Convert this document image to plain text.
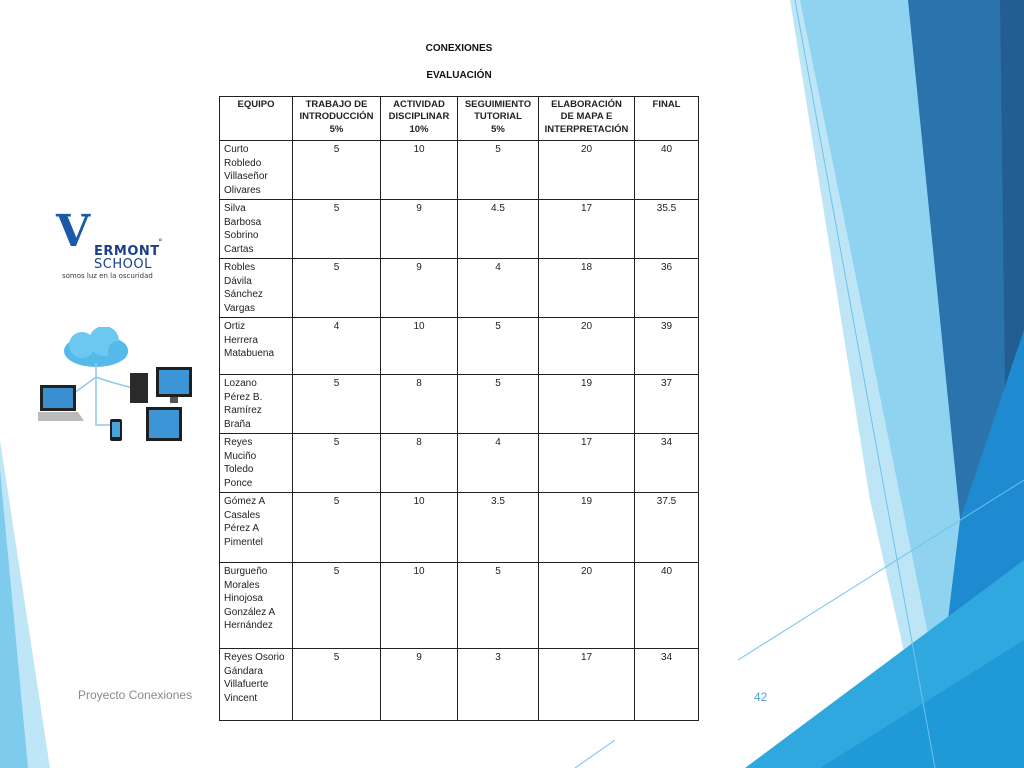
V ERMONT
°
SCHOOL
somos luz en la oscuridad
CONEXIONES
EVALUACIÓN
EQUIPO	TRABAJO DE
INTRODUCCIÓN
5%	ACTIVIDAD
DISCIPLINAR
10%	SEGUIMIENTO
TUTORIAL
5%	ELABORACIÓN
DE MAPA E
INTERPRETACIÓN	FINAL
Curto
Robledo
Villaseñor
Olivares	5	10	5	20	40
Silva
Barbosa
Sobrino
Cartas	5	9	4.5	17	35.5
Robles
Dávila
Sánchez
Vargas	5	9	4	18	36
Ortiz
Herrera
Matabuena	4	10	5	20	39
Lozano
Pérez B.
Ramírez
Braña	5	8	5	19	37
Reyes
Muciño
Toledo
Ponce	5	8	4	17	34
Gómez A
Casales
Pérez A
Pimentel	5	10	3.5	19	37.5
Burgueño
Morales
Hinojosa
González A
Hernández	5	10	5	20	40
Reyes Osorio
Gándara
Villafuerte
Vincent	5	9	3	17	34
Proyecto Conexiones	42
